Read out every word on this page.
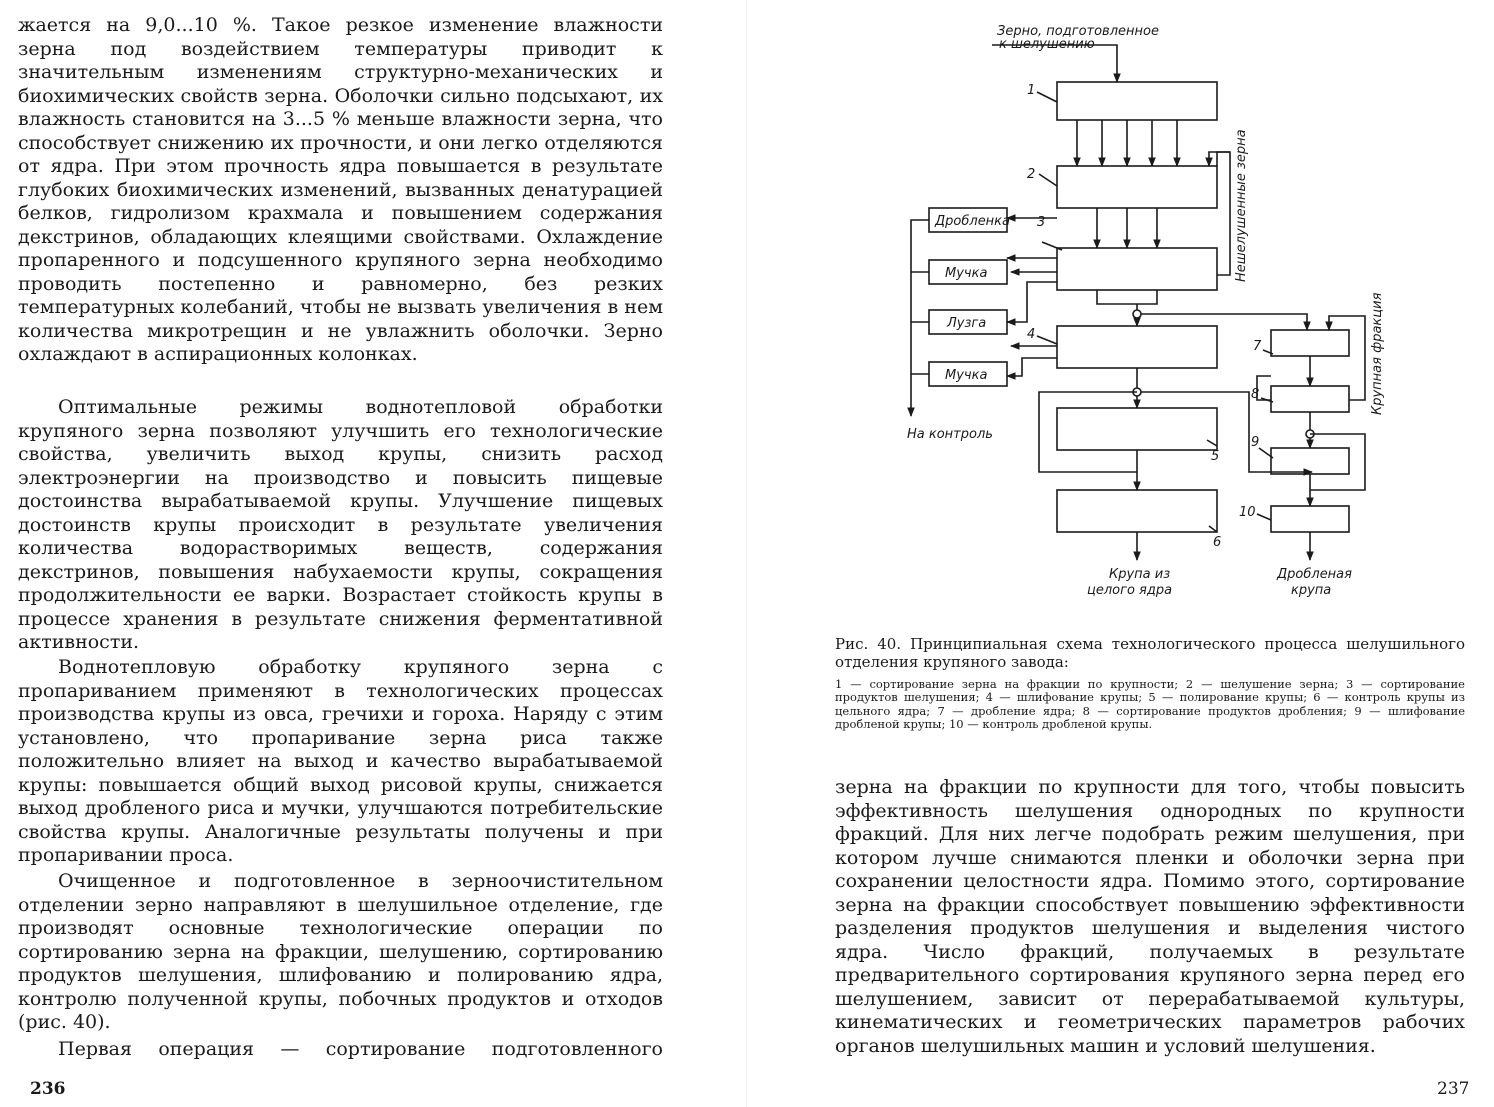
жается на 9,0...10 %. Такое резкое изменение влажности зерна под воздействием температуры приводит к значительным изменениям структурно-механических и биохимических свойств зерна. Оболочки сильно подсыхают, их влажность становится на 3...5 % меньше влажности зерна, что способствует снижению их прочности, и они легко отделяются от ядра. При этом прочность ядра повышается в результате глубоких биохимических изменений, вызванных денатурацией белков, гидролизом крахмала и повышением содержания декстринов, обладающих клеящими свойствами. Охлаждение пропаренного и подсушенного крупяного зерна необходимо проводить постепенно и равномерно, без резких температурных колебаний, чтобы не вызвать увеличения в нем количества микротрещин и не увлажнить оболочки. Зерно охлаждают в аспирационных колонках.

Оптимальные режимы воднотепловой обработки крупяного зерна позволяют улучшить его технологические свойства, увеличить выход крупы, снизить расход электроэнергии на производство и повысить пищевые достоинства вырабатываемой крупы. Улучшение пищевых достоинств крупы происходит в результате увеличения количества водорастворимых веществ, содержания декстринов, повышения набухаемости крупы, сокращения продолжительности ее варки. Возрастает стойкость крупы в процессе хранения в результате снижения ферментативной активности.

Воднотепловую обработку крупяного зерна с пропариванием применяют в технологических процессах производства крупы из овса, гречихи и гороха. Наряду с этим установлено, что пропаривание зерна риса также положительно влияет на выход и качество вырабатываемой крупы: повышается общий выход рисовой крупы, снижается выход дробленого риса и мучки, улучшаются потребительские свойства крупы. Аналогичные результаты получены и при пропаривании проса.

Очищенное и подготовленное в зерноочистительном отделении зерно направляют в шелушильное отделение, где производят основные технологические операции по сортированию зерна на фракции, шелушению, сортированию продуктов шелушения, шлифованию и полированию ядра, контролю полученной крупы, побочных продуктов и отходов (рис. 40).

Первая операция — сортирование подготовленного

236
Зерно, подготовленное
к шелушению
Нешелушенные зерна
Крупная фракция
Дробленка
Мучка
Лузга
Мучка
На контроль
Крупа из
целого ядра
Дробленая
крупа
1
2
3
4
5
6
7
8
9
10

Рис. 40. Принципиальная схема технологического процесса шелушильного отделения крупяного завода:

1 — сортирование зерна на фракции по крупности; 2 — шелушение зерна; 3 — сортирование продуктов шелушения; 4 — шлифование крупы; 5 — полирование крупы; 6 — контроль крупы из цельного ядра; 7 — дробление ядра; 8 — сортирование продуктов дробления; 9 — шлифование дробленой крупы; 10 — контроль дробленой крупы.

зерна на фракции по крупности для того, чтобы повысить эффективность шелушения однородных по крупности фракций. Для них легче подобрать режим шелушения, при котором лучше снимаются пленки и оболочки зерна при сохранении целостности ядра. Помимо этого, сортирование зерна на фракции способствует повышению эффективности разделения продуктов шелушения и выделения чистого ядра. Число фракций, получаемых в результате предварительного сортирования крупяного зерна перед его шелушением, зависит от перерабатываемой культуры, кинематических и геометрических параметров рабочих органов шелушильных машин и условий шелушения.

237
